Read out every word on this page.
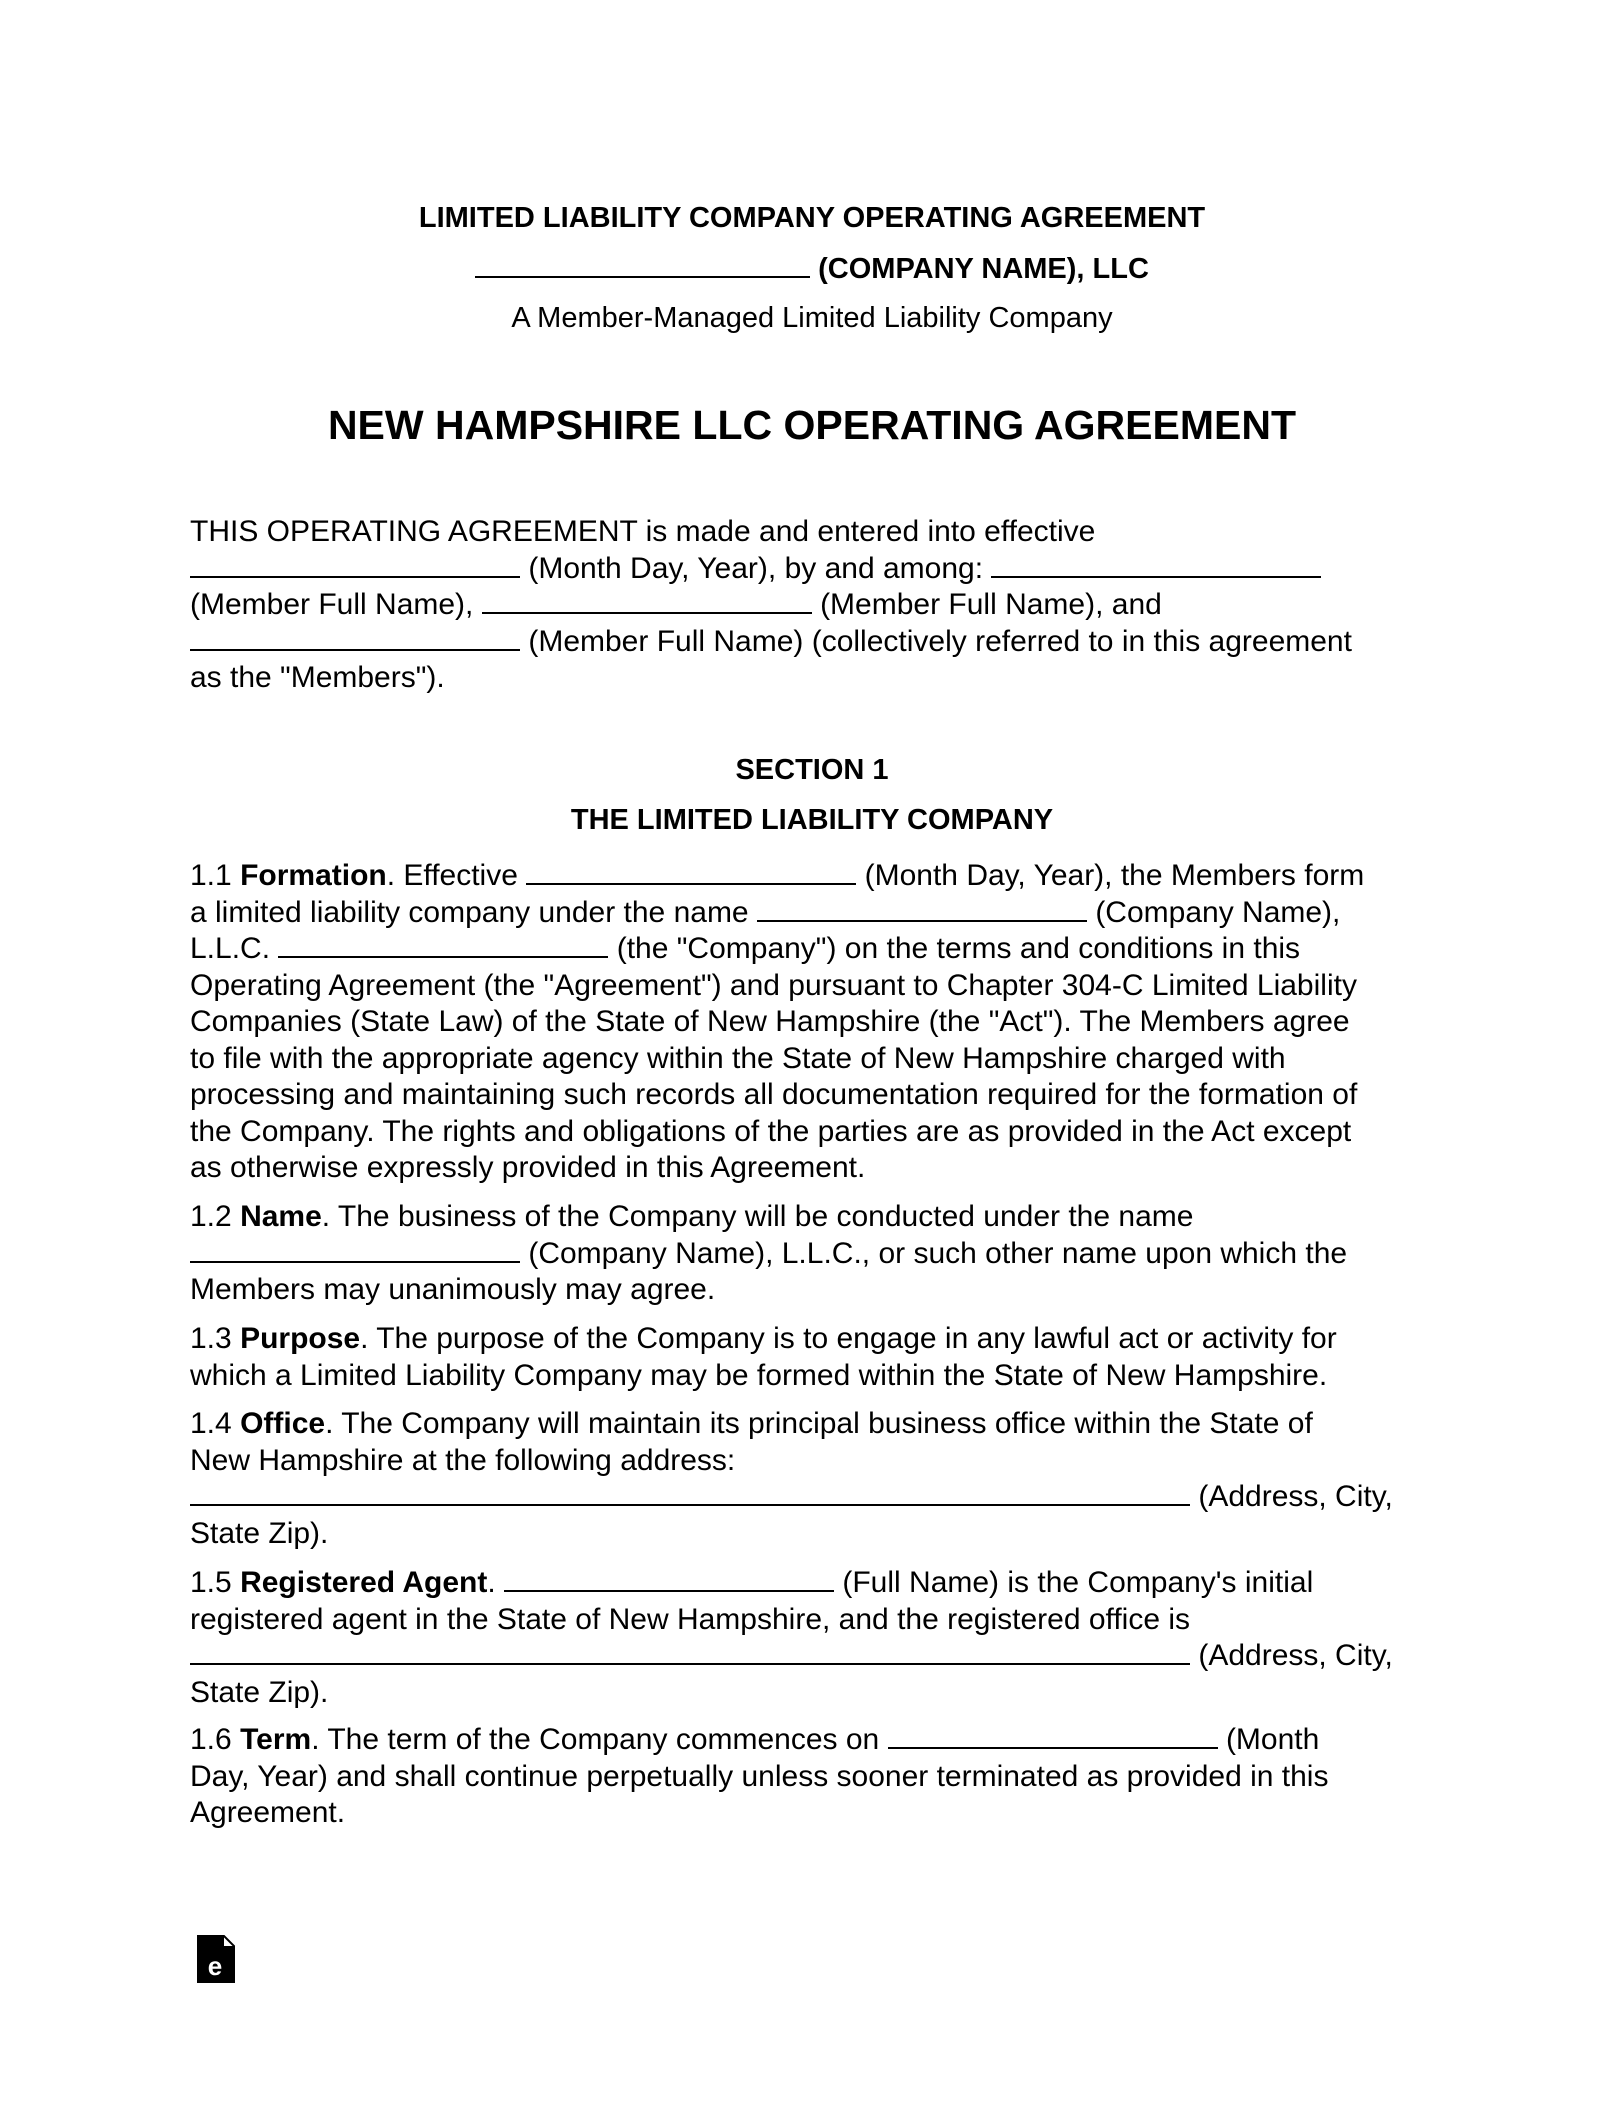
LIMITED LIABILITY COMPANY OPERATING AGREEMENT

(COMPANY NAME), LLC

A Member-Managed Limited Liability Company

NEW HAMPSHIRE LLC OPERATING AGREEMENT

THIS OPERATING AGREEMENT is made and entered into effective
(Month Day, Year), by and among:
(Member Full Name),	(Member Full Name), and
(Member Full Name) (collectively referred to in this agreement
as the "Members").

SECTION 1

THE LIMITED LIABILITY COMPANY

1.1 Formation. Effective	(Month Day, Year), the Members form
a limited liability company under the name	(Company Name),
L.L.C.	(the "Company") on the terms and conditions in this
Operating Agreement (the "Agreement") and pursuant to Chapter 304-C Limited Liability
Companies (State Law) of the State of New Hampshire (the "Act"). The Members agree
to file with the appropriate agency within the State of New Hampshire charged with
processing and maintaining such records all documentation required for the formation of
the Company. The rights and obligations of the parties are as provided in the Act except
as otherwise expressly provided in this Agreement.
1.2 Name. The business of the Company will be conducted under the name
(Company Name), L.L.C., or such other name upon which the
Members may unanimously may agree.
1.3 Purpose. The purpose of the Company is to engage in any lawful act or activity for
which a Limited Liability Company may be formed within the State of New Hampshire.
1.4 Office. The Company will maintain its principal business office within the State of
New Hampshire at the following address:
(Address, City,
State Zip).
1.5 Registered Agent.	(Full Name) is the Company's initial
registered agent in the State of New Hampshire, and the registered office is
(Address, City,
State Zip).
1.6 Term. The term of the Company commences on	(Month
Day, Year) and shall continue perpetually unless sooner terminated as provided in this
Agreement.
e
